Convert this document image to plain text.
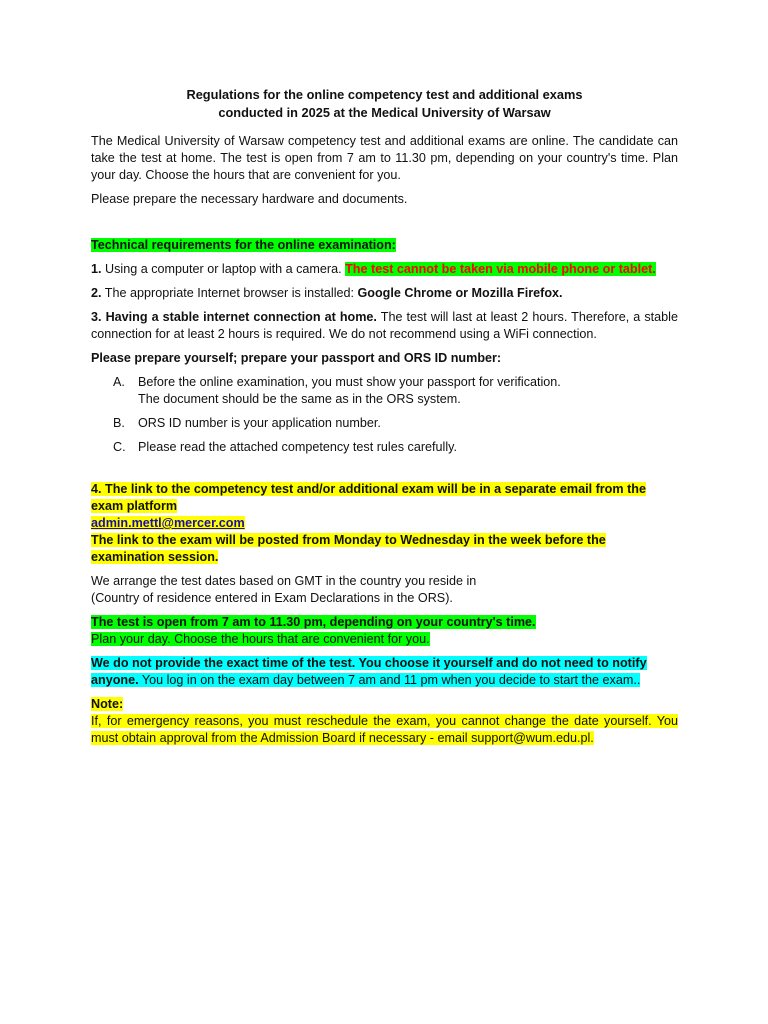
Regulations for the online competency test and additional exams
conducted in 2025 at the Medical University of Warsaw

The Medical University of Warsaw competency test and additional exams are online. The candidate can take the test at home. The test is open from 7 am to 11.30 pm, depending on your country's time. Plan your day. Choose the hours that are convenient for you.

Please prepare the necessary hardware and documents.

Technical requirements for the online examination:

1. Using a computer or laptop with a camera. The test cannot be taken via mobile phone or tablet.

2. The appropriate Internet browser is installed: Google Chrome or Mozilla Firefox.

3. Having a stable internet connection at home. The test will last at least 2 hours. Therefore, a stable connection for at least 2 hours is required. We do not recommend using a WiFi connection.

Please prepare yourself; prepare your passport and ORS ID number:

A.	Before the online examination, you must show your passport for verification.
The document should be the same as in the ORS system.
B.	ORS ID number is your application number.
C. Please read the attached competency test rules carefully.

4. The link to the competency test and/or additional exam will be in a separate email from the exam platform
admin.mettl@mercer.com
The link to the exam will be posted from Monday to Wednesday in the week before the examination session.

We arrange the test dates based on GMT in the country you reside in
(Country of residence entered in Exam Declarations in the ORS).

The test is open from 7 am to 11.30 pm, depending on your country's time.
Plan your day. Choose the hours that are convenient for you.

We do not provide the exact time of the test. You choose it yourself and do not need to notify anyone. You log in on the exam day between 7 am and 11 pm when you decide to start the exam..

Note:
If, for emergency reasons, you must reschedule the exam, you cannot change the date yourself. You must obtain approval from the Admission Board if necessary - email support@wum.edu.pl.
